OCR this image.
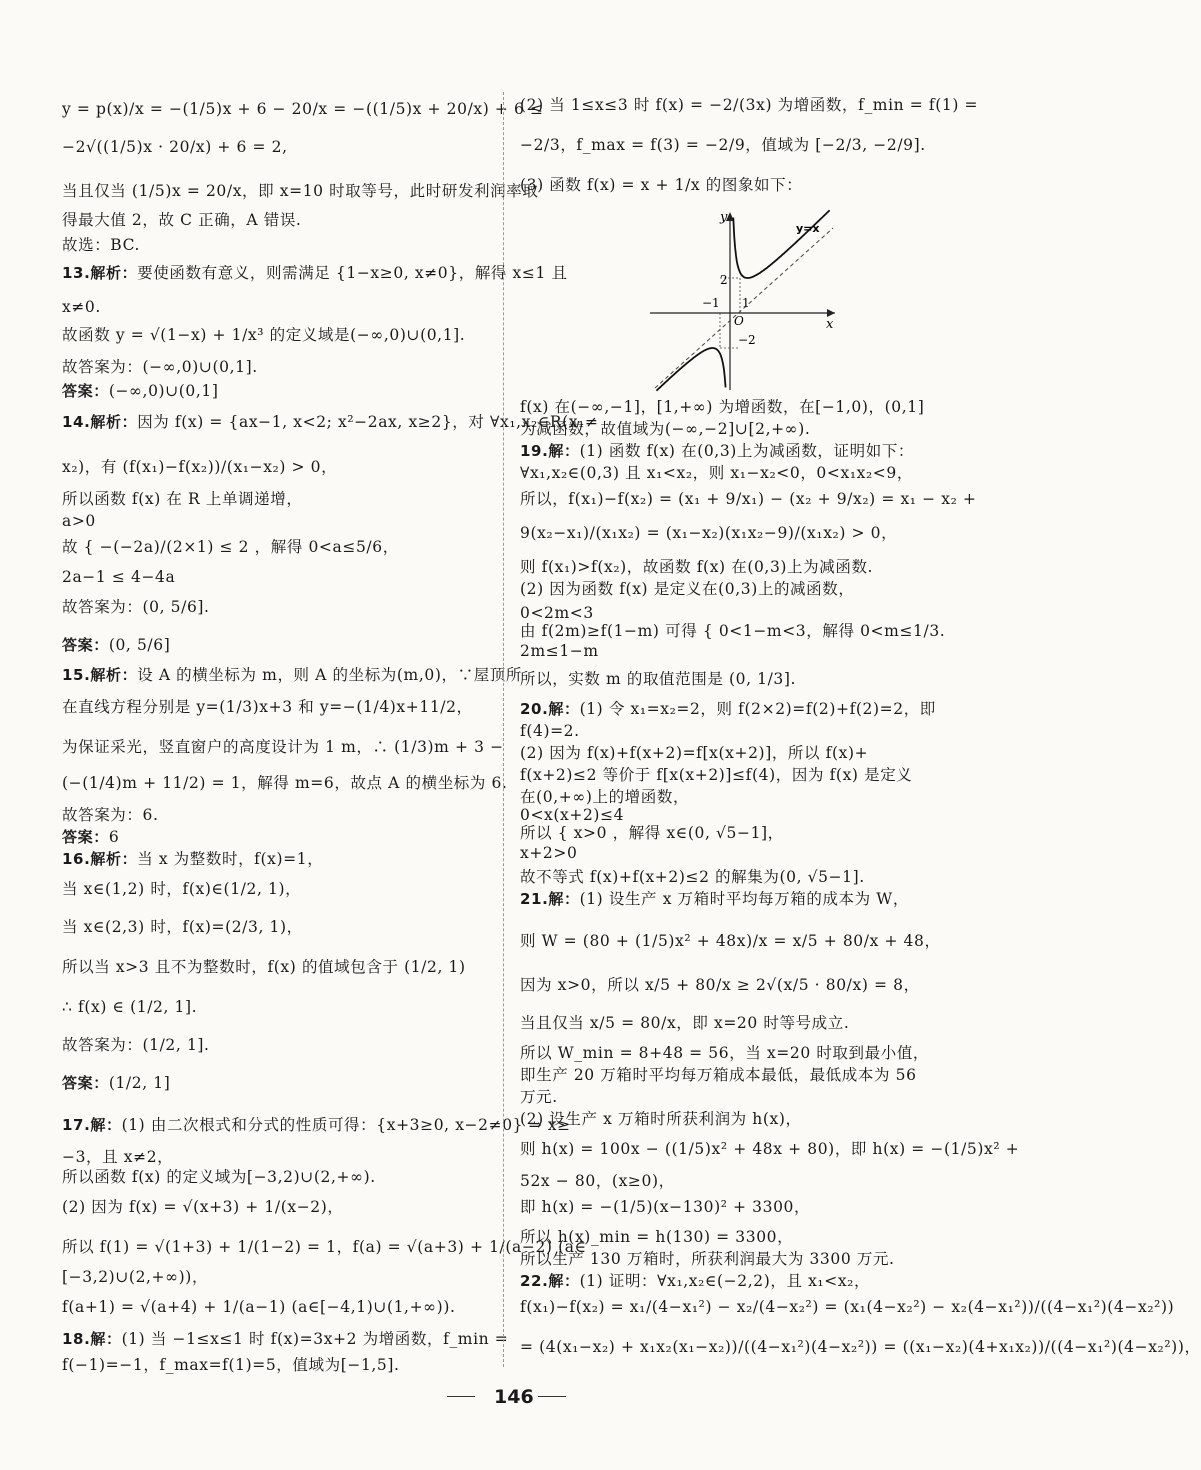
y = p(x)/x = −(1/5)x + 6 − 20/x = −((1/5)x + 20/x) + 6 ≤
−2√((1/5)x · 20/x) + 6 = 2,
当且仅当 (1/5)x = 20/x，即 x=10 时取等号，此时研发利润率取
得最大值 2，故 C 正确，A 错误.
故选：BC.
13.解析：要使函数有意义，则需满足 {1−x≥0, x≠0}，解得 x≤1 且
x≠0.
故函数 y = √(1−x) + 1/x³ 的定义域是(−∞,0)∪(0,1].
故答案为：(−∞,0)∪(0,1].
答案：(−∞,0)∪(0,1]
14.解析：因为 f(x) = {ax−1, x<2; x²−2ax, x≥2}，对 ∀x₁,x₂∈R(x₁≠
x₂)，有 (f(x₁)−f(x₂))/(x₁−x₂) > 0，
所以函数 f(x) 在 R 上单调递增，
a>0
故 { −(−2a)/(2×1) ≤ 2 ，解得 0<a≤5/6，
2a−1 ≤ 4−4a
故答案为：(0, 5/6].
答案：(0, 5/6]
15.解析：设 A 的横坐标为 m，则 A 的坐标为(m,0)，∵屋顶所
在直线方程分别是 y=(1/3)x+3 和 y=−(1/4)x+11/2，
为保证采光，竖直窗户的高度设计为 1 m，∴ (1/3)m + 3 −
(−(1/4)m + 11/2) = 1，解得 m=6，故点 A 的横坐标为 6.
故答案为：6.
答案：6
16.解析：当 x 为整数时，f(x)=1，
当 x∈(1,2) 时，f(x)∈(1/2, 1)，
当 x∈(2,3) 时，f(x)=(2/3, 1)，
所以当 x>3 且不为整数时，f(x) 的值域包含于 (1/2, 1)
∴ f(x) ∈ (1/2, 1].
故答案为：(1/2, 1].
答案：(1/2, 1]
17.解：(1) 由二次根式和分式的性质可得：{x+3≥0, x−2≠0} ⇒ x≥
−3，且 x≠2，
所以函数 f(x) 的定义域为[−3,2)∪(2,+∞).
(2) 因为 f(x) = √(x+3) + 1/(x−2)，
所以 f(1) = √(1+3) + 1/(1−2) = 1，f(a) = √(a+3) + 1/(a−2) (a∈
[−3,2)∪(2,+∞))，
f(a+1) = √(a+4) + 1/(a−1) (a∈[−4,1)∪(1,+∞)).
18.解：(1) 当 −1≤x≤1 时 f(x)=3x+2 为增函数，f_min =
f(−1)=−1，f_max=f(1)=5，值域为[−1,5].
(2) 当 1≤x≤3 时 f(x) = −2/(3x) 为增函数，f_min = f(1) =
−2/3，f_max = f(3) = −2/9，值域为 [−2/3, −2/9].
(3) 函数 f(x) = x + 1/x 的图象如下：
f(x) 在(−∞,−1]，[1,+∞) 为增函数，在[−1,0)，(0,1]
为减函数，故值域为(−∞,−2]∪[2,+∞).
19.解：(1) 函数 f(x) 在(0,3)上为减函数，证明如下：
∀x₁,x₂∈(0,3) 且 x₁<x₂，则 x₁−x₂<0，0<x₁x₂<9，
所以，f(x₁)−f(x₂) = (x₁ + 9/x₁) − (x₂ + 9/x₂) = x₁ − x₂ +
9(x₂−x₁)/(x₁x₂) = (x₁−x₂)(x₁x₂−9)/(x₁x₂) > 0，
则 f(x₁)>f(x₂)，故函数 f(x) 在(0,3)上为减函数.
(2) 因为函数 f(x) 是定义在(0,3)上的减函数，
0<2m<3
由 f(2m)≥f(1−m) 可得 { 0<1−m<3，解得 0<m≤1/3.
2m≤1−m
所以，实数 m 的取值范围是 (0, 1/3].
20.解：(1) 令 x₁=x₂=2，则 f(2×2)=f(2)+f(2)=2，即
f(4)=2.
(2) 因为 f(x)+f(x+2)=f[x(x+2)]，所以 f(x)+
f(x+2)≤2 等价于 f[x(x+2)]≤f(4)，因为 f(x) 是定义
在(0,+∞)上的增函数，
0<x(x+2)≤4
所以 { x>0 ，解得 x∈(0, √5−1]，
x+2>0
故不等式 f(x)+f(x+2)≤2 的解集为(0, √5−1].
21.解：(1) 设生产 x 万箱时平均每万箱的成本为 W，
则 W = (80 + (1/5)x² + 48x)/x = x/5 + 80/x + 48，
因为 x>0，所以 x/5 + 80/x ≥ 2√(x/5 · 80/x) = 8，
当且仅当 x/5 = 80/x，即 x=20 时等号成立.
所以 W_min = 8+48 = 56，当 x=20 时取到最小值，
即生产 20 万箱时平均每万箱成本最低，最低成本为 56
万元.
(2) 设生产 x 万箱时所获利润为 h(x)，
则 h(x) = 100x − ((1/5)x² + 48x + 80)，即 h(x) = −(1/5)x² +
52x − 80，(x≥0)，
即 h(x) = −(1/5)(x−130)² + 3300，
所以 h(x)_min = h(130) = 3300，
所以生产 130 万箱时，所获利润最大为 3300 万元.
22.解：(1) 证明：∀x₁,x₂∈(−2,2)，且 x₁<x₂，
f(x₁)−f(x₂) = x₁/(4−x₁²) − x₂/(4−x₂²) = (x₁(4−x₂²) − x₂(4−x₁²))/((4−x₁²)(4−x₂²))
= (4(x₁−x₂) + x₁x₂(x₁−x₂))/((4−x₁²)(4−x₂²)) = ((x₁−x₂)(4+x₁x₂))/((4−x₁²)(4−x₂²))，
y
x
y=x
2
−2
−1 1
O
146
